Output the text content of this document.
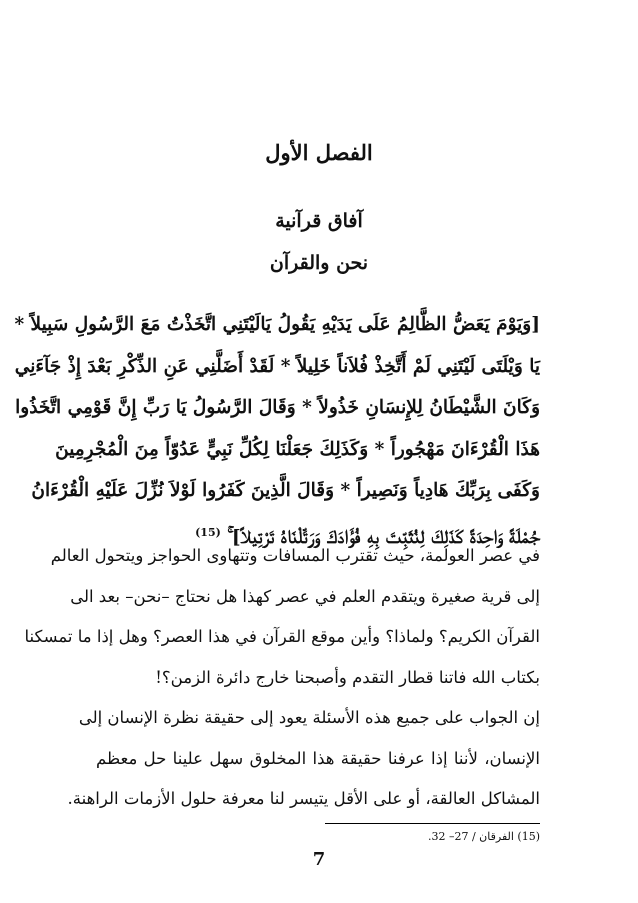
الفصل الأول
آفاق قرآنية
نحن والقرآن
[وَيَوْمَ يَعَضُّ الظَّالِمُ عَلَى يَدَيْهِ يَقُولُ يَالَيْتَنِي اتَّخَذْتُ مَعَ الرَّسُولِ سَبِيلاً *
يَا وَيْلَتَى لَيْتَنِي لَمْ أَتَّخِذْ فُلاَناً خَلِيلاً * لَقَدْ أَضَلَّنِي عَنِ الذِّكْرِ بَعْدَ إِذْ جَآءَنِي
وَكَانَ الشَّيْطَانُ لِلإِنسَانِ خَذُولاً * وَقَالَ الرَّسُولُ يَا رَبِّ إِنَّ قَوْمِي اتَّخَذُوا
هَذَا الْقُرْءَانَ مَهْجُوراً * وَكَذَلِكَ جَعَلْنَا لِكُلِّ نَبِيٍّ عَدُوّاً مِنَ الْمُجْرِمِينَ
وَكَفَى بِرَبِّكَ هَادِياً وَنَصِيراً * وَقَالَ الَّذِينَ كَفَرُوا لَوْلاَ نُزِّلَ عَلَيْهِ الْقُرْءَانُ
جُمْلَةً وَاحِدَةً كَذَلِكَ لِنُثَبِّتَ بِهِ فُؤَادَكَ وَرَتَّلْنَاهُ تَرْتِيلاً] $^{(15)}$
في عصر العولمة، حيث تقترب المسافات وتتهاوى الحواجز ويتحول العالم
إلى قرية صغيرة ويتقدم العلم في عصر كهذا هل نحتاج –نحن– بعد الى
القرآن الكريم؟ ولماذا؟ وأين موقع القرآن في هذا العصر؟ وهل إذا ما تمسكنا
بكتاب الله فاتنا قطار التقدم وأصبحنا خارج دائرة الزمن؟!
إن الجواب على جميع هذه الأسئلة يعود إلى حقيقة نظرة الإنسان إلى
الإنسان، لأننا إذا عرفنا حقيقة هذا المخلوق سهل علينا حل معظم
المشاكل العالقة، أو على الأقل يتيسر لنا معرفة حلول الأزمات الراهنة.
(15) الفرقان / 27– 32.
7
